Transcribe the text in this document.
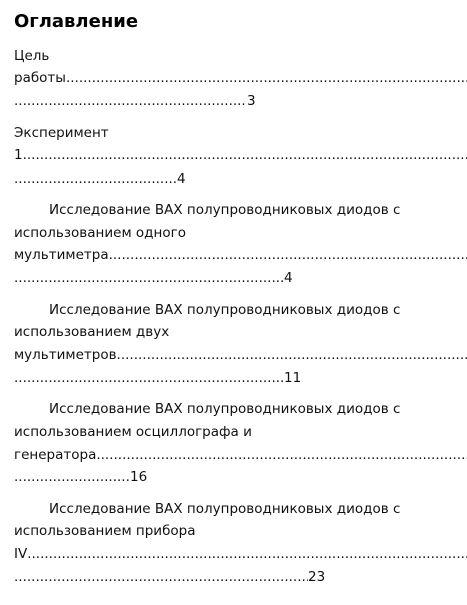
Оглавление
Цель
работы
.....
.....
3
Эксперимент
1
.....
.....
4
Исследование ВАХ полупроводниковых диодов с
использованием одного
мультиметра
.....
.....
4
Исследование ВАХ полупроводниковых диодов с
использованием двух
мультиметров
.....
.....
11
Исследование ВАХ полупроводниковых диодов с
использованием осциллографа и
генератора
.....
.....
16
Исследование ВАХ полупроводниковых диодов с
использованием прибора
IV
.....
.....
23
